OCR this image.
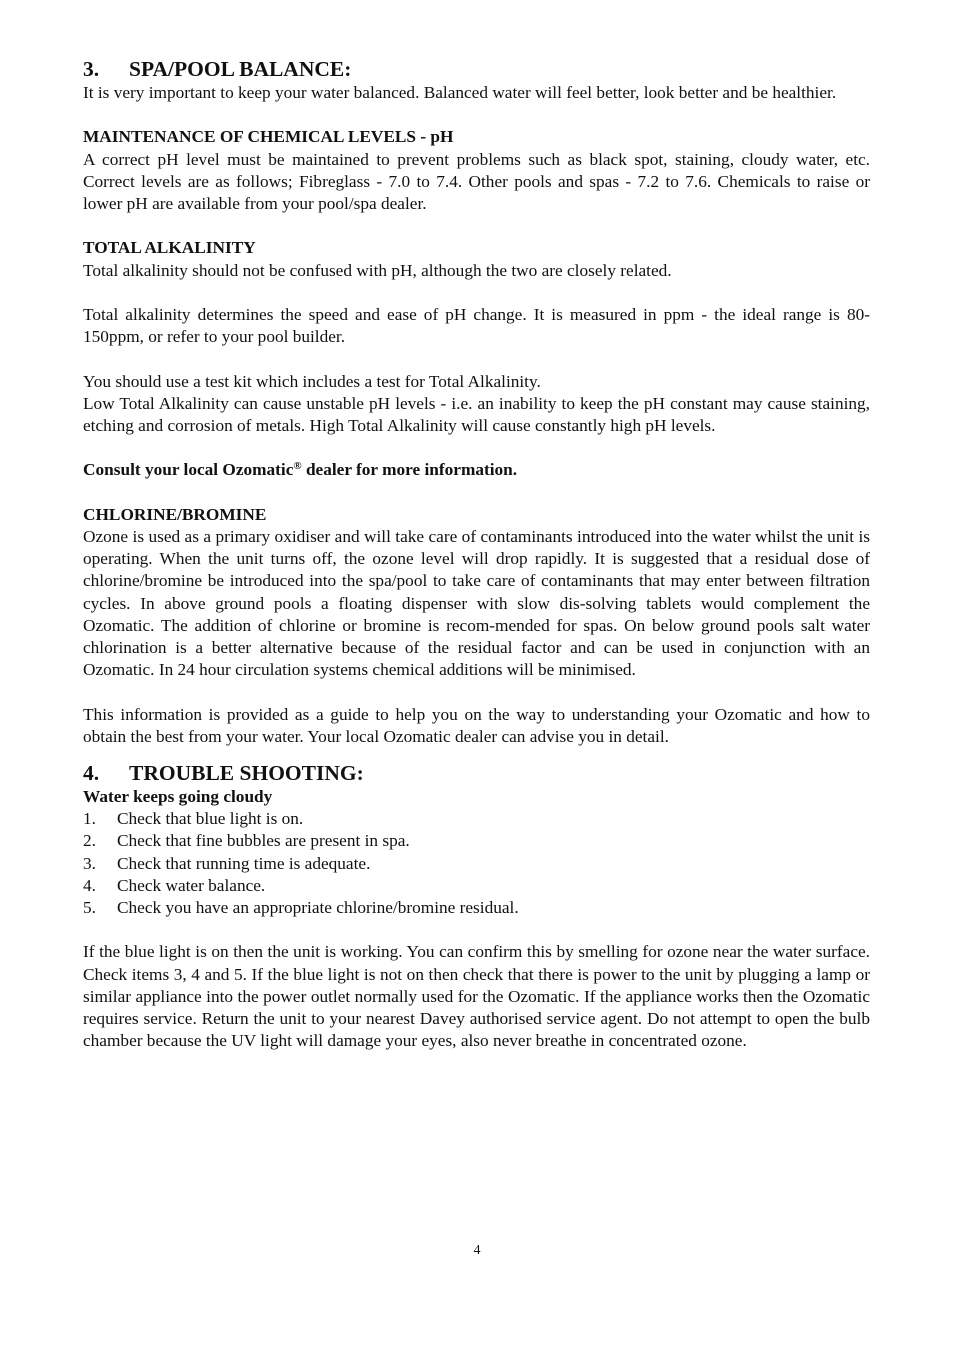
3. SPA/POOL BALANCE:

It is very important to keep your water balanced. Balanced water will feel better, look better and be healthier.

MAINTENANCE OF CHEMICAL LEVELS - pH

A correct pH level must be maintained to prevent problems such as black spot, staining, cloudy water, etc. Correct levels are as follows; Fibreglass - 7.0 to 7.4. Other pools and spas - 7.2 to 7.6. Chemicals to raise or lower pH are available from your pool/spa dealer.

TOTAL ALKALINITY

Total alkalinity should not be confused with pH, although the two are closely related.

Total alkalinity determines the speed and ease of pH change. It is measured in ppm - the ideal range is 80-150ppm, or refer to your pool builder.

You should use a test kit which includes a test for Total Alkalinity.

Low Total Alkalinity can cause unstable pH levels - i.e. an inability to keep the pH constant may cause staining, etching and corrosion of metals. High Total Alkalinity will cause constantly high pH levels.

Consult your local Ozomatic® dealer for more information.

CHLORINE/BROMINE

Ozone is used as a primary oxidiser and will take care of contaminants introduced into the water whilst the unit is operating. When the unit turns off, the ozone level will drop rapidly. It is suggested that a residual dose of chlorine/bromine be introduced into the spa/pool to take care of contaminants that may enter between filtration cycles. In above ground pools a floating dispenser with slow dis-solving tablets would complement the Ozomatic. The addition of chlorine or bromine is recom-mended for spas. On below ground pools salt water chlorination is a better alternative because of the residual factor and can be used in conjunction with an Ozomatic. In 24 hour circulation systems chemical additions will be minimised.

This information is provided as a guide to help you on the way to understanding your Ozomatic and how to obtain the best from your water. Your local Ozomatic dealer can advise you in detail.

4. TROUBLE SHOOTING:
Water keeps going cloudy
1.	Check that blue light is on.
2.	Check that fine bubbles are present in spa.
3.	Check that running time is adequate.
4.	Check water balance.
5.	Check you have an appropriate chlorine/bromine residual.

If the blue light is on then the unit is working. You can confirm this by smelling for ozone near the water surface. Check items 3, 4 and 5. If the blue light is not on then check that there is power to the unit by plugging a lamp or similar appliance into the power outlet normally used for the Ozomatic. If the appliance works then the Ozomatic requires service. Return the unit to your nearest Davey authorised service agent. Do not attempt to open the bulb chamber because the UV light will damage your eyes, also never breathe in concentrated ozone.

4
